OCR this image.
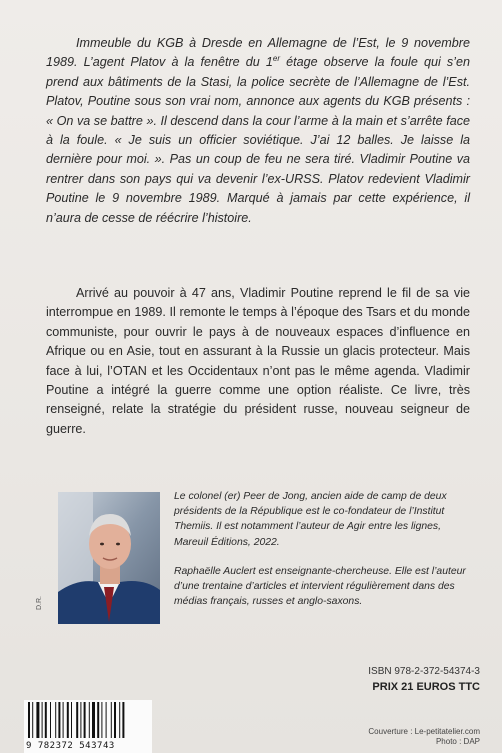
Immeuble du KGB à Dresde en Allemagne de l’Est, le 9 novembre 1989. L’agent Platov à la fenêtre du 1er étage observe la foule qui s’en prend aux bâtiments de la Stasi, la police secrète de l’Allemagne de l’Est. Platov, Poutine sous son vrai nom, annonce aux agents du KGB présents : « On va se battre ». Il descend dans la cour l’arme à la main et s’arrête face à la foule. « Je suis un officier soviétique. J’ai 12 balles. Je laisse la dernière pour moi. ». Pas un coup de feu ne sera tiré. Vladimir Poutine va rentrer dans son pays qui va devenir l’ex-URSS. Platov redevient Vladimir Poutine le 9 novembre 1989. Marqué à jamais par cette expérience, il n’aura de cesse de réécrire l’histoire.

Arrivé au pouvoir à 47 ans, Vladimir Poutine reprend le fil de sa vie interrompue en 1989. Il remonte le temps à l’époque des Tsars et du monde communiste, pour ouvrir le pays à de nouveaux espaces d’influence en Afrique ou en Asie, tout en assurant à la Russie un glacis protecteur. Mais face à lui, l’OTAN et les Occidentaux n’ont pas le même agenda. Vladimir Poutine a intégré la guerre comme une option réaliste. Ce livre, très renseigné, relate la stratégie du président russe, nouveau seigneur de guerre.

D.R.

Le colonel (er) Peer de Jong, ancien aide de camp de deux présidents de la République est le co-fondateur de l’Institut Themiis. Il est notamment l’auteur de Agir entre les lignes, Mareuil Éditions, 2022.

Raphaëlle Auclert est enseignante-chercheuse. Elle est l’auteur d’une trentaine d’articles et intervient régulièrement dans des médias français, russes et anglo-saxons.

ISBN 978-2-372-54374-3
PRIX 21 EUROS TTC
Couverture : Le-petitatelier.com
Photo : DAP
9 782372 543743
